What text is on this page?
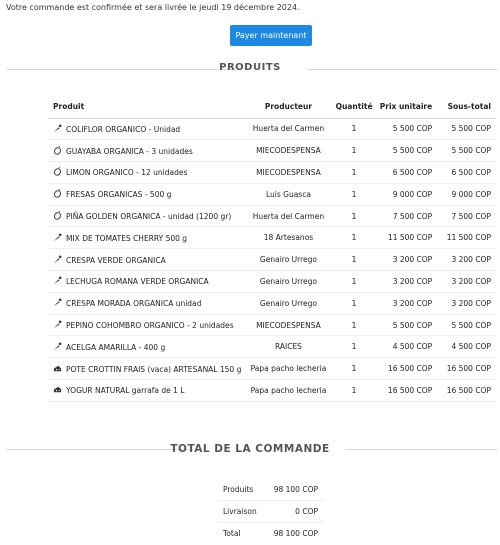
Votre commande est confirmée et sera livrée le jeudi 19 décembre 2024.
Payer maintenant
PRODUITS
Produit	Producteur	Quantité	Prix unitaire	Sous-total

COLIFLOR ORGANICO - Unidad	Huerta del Carmen	1	5 500 COP	5 500 COP

GUAYABA ORGANICA - 3 unidades	MIECODESPENSA	1	5 500 COP	5 500 COP

LIMON ORGANICO - 12 unidades	MIECODESPENSA	1	6 500 COP	6 500 COP

FRESAS ORGANICAS - 500 g	Luis Guasca	1	9 000 COP	9 000 COP

PIÑA GOLDEN ORGANICA - unidad (1200 gr)	Huerta del Carmen	1	7 500 COP	7 500 COP

MIX DE TOMATES CHERRY 500 g	18 Artesanos	1	11 500 COP	11 500 COP

CRESPA VERDE ORGANICA	Genairo Urrego	1	3 200 COP	3 200 COP

LECHUGA ROMANA VERDE ORGANICA	Genairo Urrego	1	3 200 COP	3 200 COP

CRESPA MORADA ORGANICA unidad	Genairo Urrego	1	3 200 COP	3 200 COP

PEPINO COHOMBRO ORGANICO - 2 unidades	MIECODESPENSA	1	5 500 COP	5 500 COP

ACELGA AMARILLA - 400 g	RAICES	1	4 500 COP	4 500 COP

POTE CROTTIN FRAIS (vaca) ARTESANAL 150 g	Papa pacho lecheria	1	16 500 COP	16 500 COP

YOGUR NATURAL garrafa de 1 L	Papa pacho lecheria	1	16 500 COP	16 500 COP
TOTAL DE LA COMMANDE
Produits	98 100 COP
Livraison	0 COP
Total	98 100 COP
